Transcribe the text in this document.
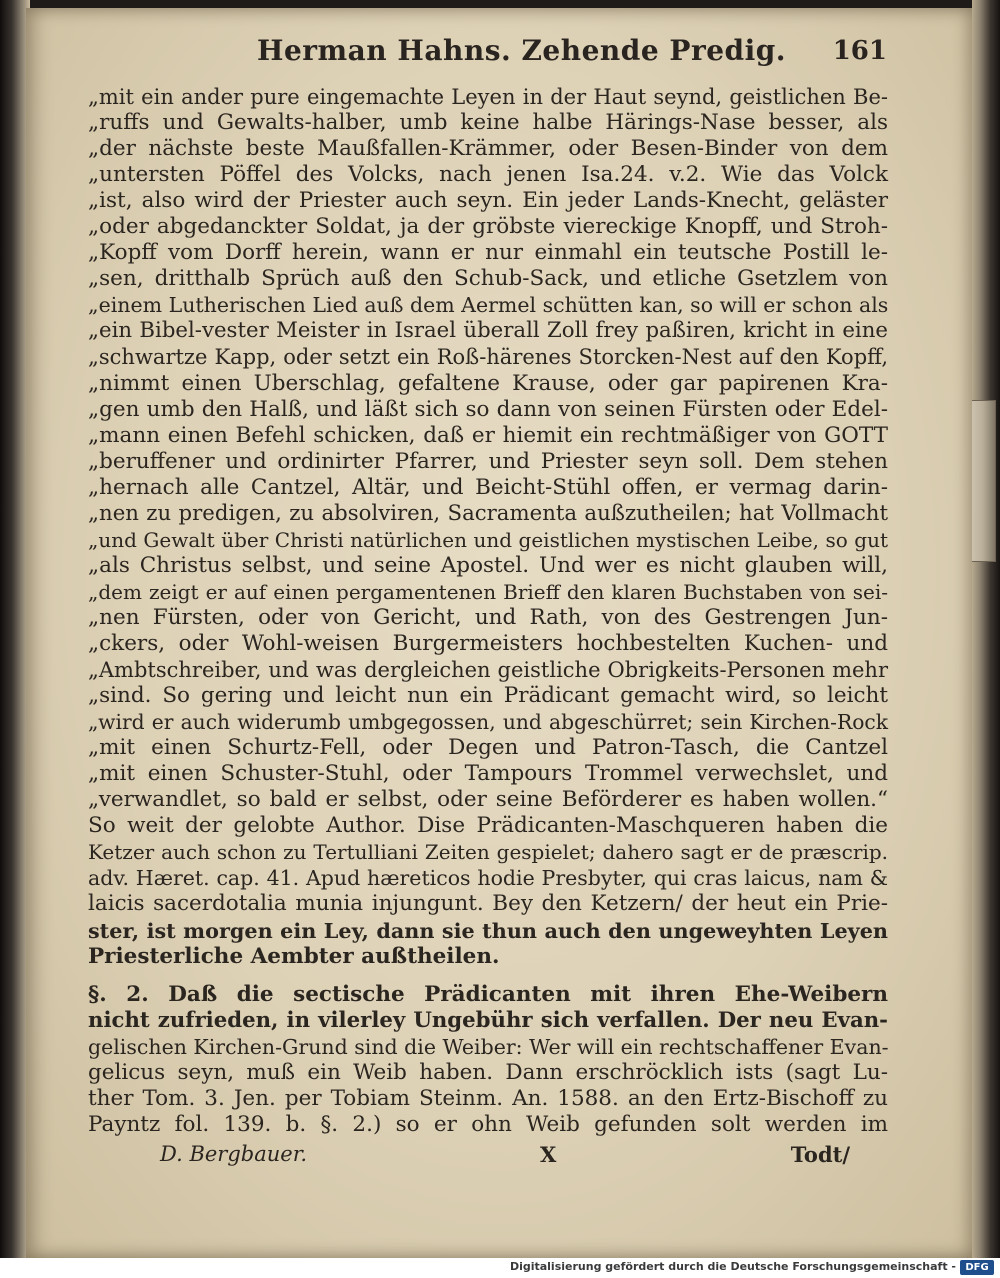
Herman Hahns. Zehende Predig. 161
„mit ein ander pure eingemachte Leyen in der Haut seynd, geistlichen Be-
„ruffs und Gewalts-halber, umb keine halbe Härings-Nase besser, als
„der nächste beste Maußfallen-Krämmer, oder Besen-Binder von dem
„untersten Pöffel des Volcks, nach jenen Isa.24. v.2. Wie das Volck
„ist, also wird der Priester auch seyn. Ein jeder Lands-Knecht, geläster
„oder abgedanckter Soldat, ja der gröbste viereckige Knopff, und Stroh-
„Kopff vom Dorff herein, wann er nur einmahl ein teutsche Postill le-
„sen, dritthalb Sprüch auß den Schub-Sack, und etliche Gsetzlem von
„einem Lutherischen Lied auß dem Aermel schütten kan, so will er schon als
„ein Bibel-vester Meister in Israel überall Zoll frey paßiren, kricht in eine
„schwartze Kapp, oder setzt ein Roß-härenes Storcken-Nest auf den Kopff,
„nimmt einen Uberschlag, gefaltene Krause, oder gar papirenen Kra-
„gen umb den Halß, und läßt sich so dann von seinen Fürsten oder Edel-
„mann einen Befehl schicken, daß er hiemit ein rechtmäßiger von GOTT
„beruffener und ordinirter Pfarrer, und Priester seyn soll. Dem stehen
„hernach alle Cantzel, Altär, und Beicht-Stühl offen, er vermag darin-
„nen zu predigen, zu absolviren, Sacramenta außzutheilen; hat Vollmacht
„und Gewalt über Christi natürlichen und geistlichen mystischen Leibe, so gut
„als Christus selbst, und seine Apostel. Und wer es nicht glauben will,
„dem zeigt er auf einen pergamentenen Brieff den klaren Buchstaben von sei-
„nen Fürsten, oder von Gericht, und Rath, von des Gestrengen Jun-
„ckers, oder Wohl-weisen Burgermeisters hochbestelten Kuchen- und
„Ambtschreiber, und was dergleichen geistliche Obrigkeits-Personen mehr
„sind. So gering und leicht nun ein Prädicant gemacht wird, so leicht
„wird er auch widerumb umbgegossen, und abgeschürret; sein Kirchen-Rock
„mit einen Schurtz-Fell, oder Degen und Patron-Tasch, die Cantzel
„mit einen Schuster-Stuhl, oder Tampours Trommel verwechslet, und
„verwandlet, so bald er selbst, oder seine Beförderer es haben wollen.“
So weit der gelobte Author. Dise Prädicanten-Maschqueren haben die
Ketzer auch schon zu Tertulliani Zeiten gespielet; dahero sagt er de præscrip.
adv. Hæret. cap. 41. Apud hæreticos hodie Presbyter, qui cras laicus, nam &
laicis sacerdotalia munia injungunt. Bey den Ketzern/ der heut ein Prie-
ster, ist morgen ein Ley, dann sie thun auch den ungeweyhten Leyen
Priesterliche Aembter außtheilen.
§. 2. Daß die sectische Prädicanten mit ihren Ehe-Weibern
nicht zufrieden, in vilerley Ungebühr sich verfallen. Der neu Evan-
gelischen Kirchen-Grund sind die Weiber: Wer will ein rechtschaffener Evan-
gelicus seyn, muß ein Weib haben. Dann erschröcklich ists (sagt Lu-
ther Tom. 3. Jen. per Tobiam Steinm. An. 1588. an den Ertz-Bischoff zu
Payntz fol. 139. b. §. 2.) so er ohn Weib gefunden solt werden im
D. Bergbauer.	X	Todt/
Digitalisierung gefördert durch die Deutsche Forschungsgemeinschaft - DFG
